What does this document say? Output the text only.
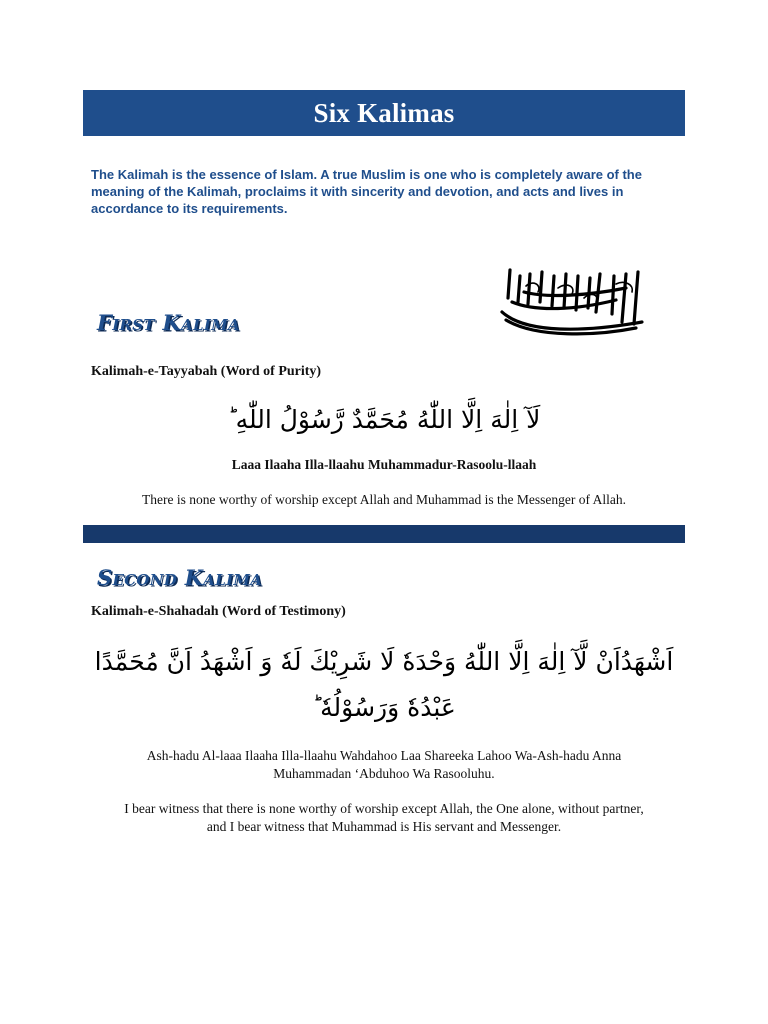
Six Kalimas

The Kalimah is the essence of Islam. A true Muslim is one who is completely aware of the meaning of the Kalimah, proclaims it with sincerity and devotion, and acts and lives in accordance to its requirements.

First Kalima
Kalimah-e-Tayyabah (Word of Purity)
لَآ اِلٰهَ اِلَّا اللّٰهُ مُحَمَّدٌ رَّسُوْلُ اللّٰهِ ؕ
Laaa Ilaaha Illa-llaahu Muhammadur-Rasoolu-llaah
There is none worthy of worship except Allah and Muhammad is the Messenger of Allah.
Second Kalima
Kalimah-e-Shahadah (Word of Testimony)
اَشْهَدُاَنْ لَّآ اِلٰهَ اِلَّا اللّٰهُ وَحْدَهٗ لَا شَرِيْكَ لَهٗ وَ اَشْهَدُ اَنَّ مُحَمَّدًا
عَبْدُهٗ وَرَسُوْلُهٗ ؕ
Ash-hadu Al-laaa Ilaaha Illa-llaahu Wahdahoo Laa Shareeka Lahoo Wa-Ash-hadu Anna
Muhammadan ‘Abduhoo Wa Rasooluhu.
I bear witness that there is none worthy of worship except Allah, the One alone, without partner,
and I bear witness that Muhammad is His servant and Messenger.
